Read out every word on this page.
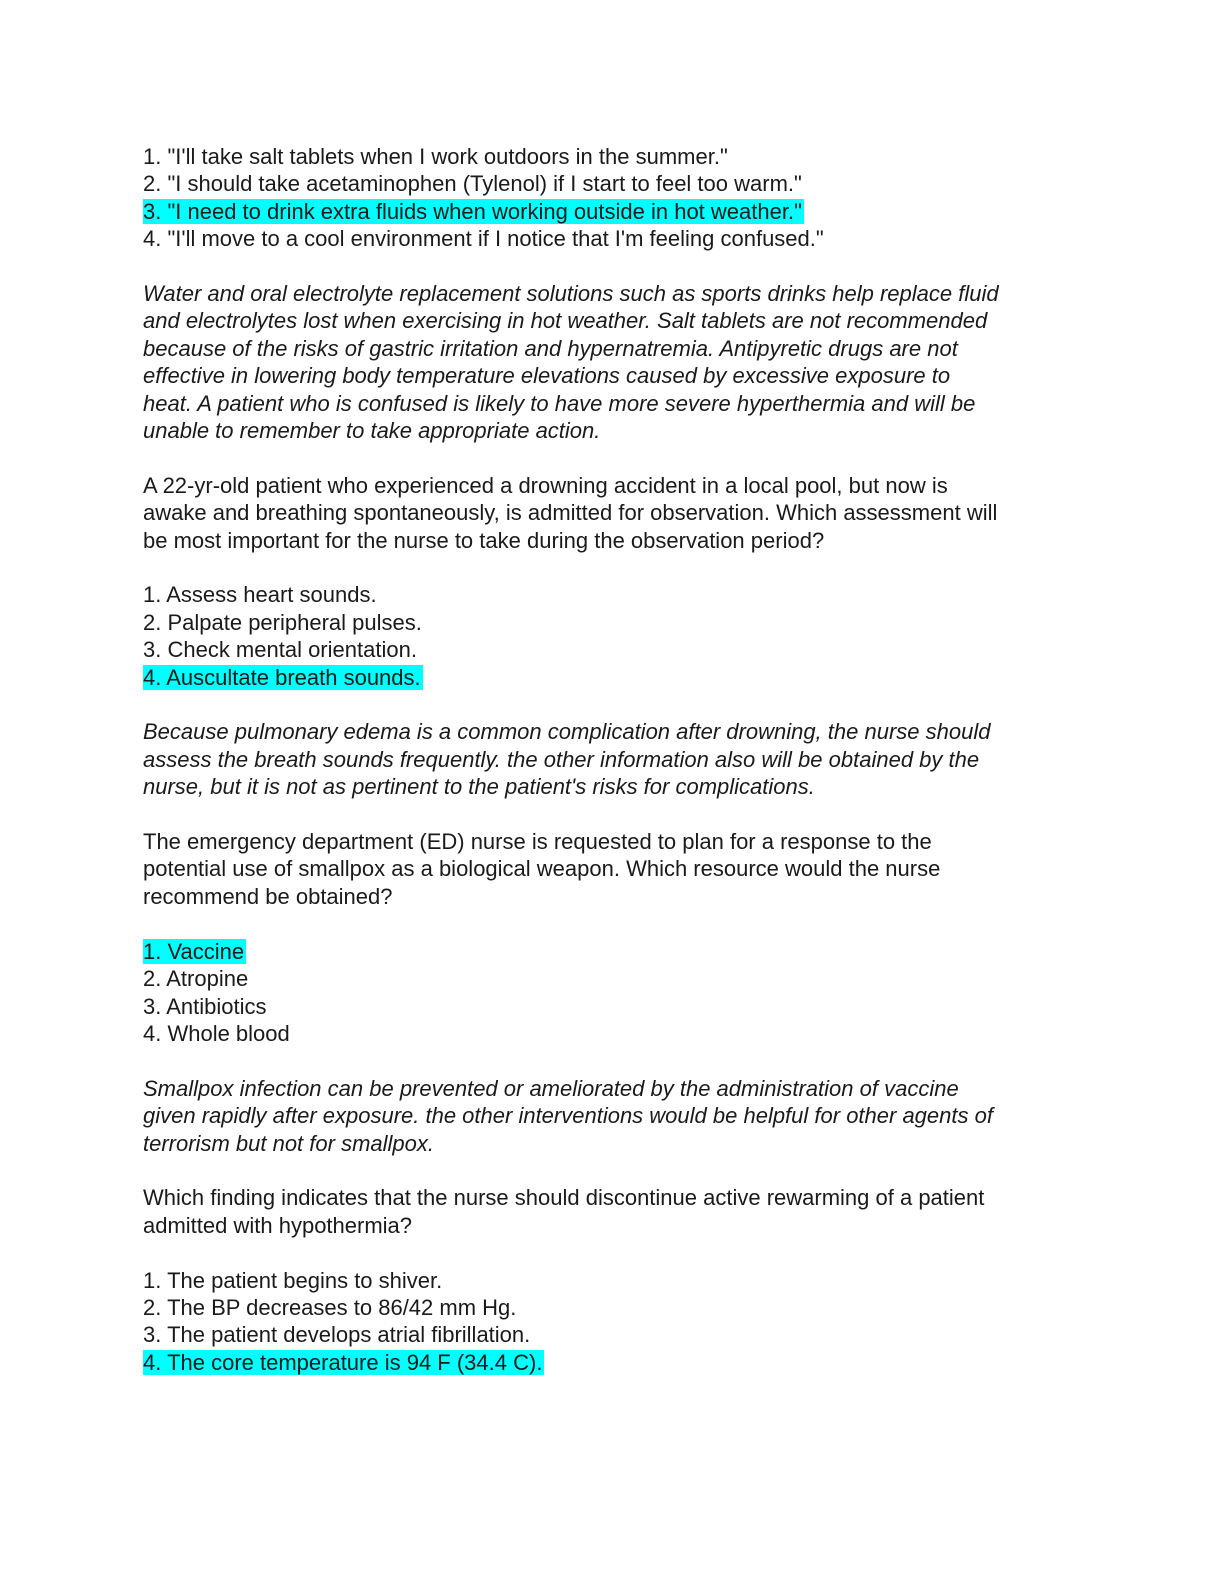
1. "I'll take salt tablets when I work outdoors in the summer."
2. "I should take acetaminophen (Tylenol) if I start to feel too warm."
3. "I need to drink extra fluids when working outside in hot weather."
4. "I'll move to a cool environment if I notice that I'm feeling confused."
Water and oral electrolyte replacement solutions such as sports drinks help replace fluid
and electrolytes lost when exercising in hot weather. Salt tablets are not recommended
because of the risks of gastric irritation and hypernatremia. Antipyretic drugs are not
effective in lowering body temperature elevations caused by excessive exposure to
heat. A patient who is confused is likely to have more severe hyperthermia and will be
unable to remember to take appropriate action.
A 22-yr-old patient who experienced a drowning accident in a local pool, but now is
awake and breathing spontaneously, is admitted for observation. Which assessment will
be most important for the nurse to take during the observation period?
1. Assess heart sounds.
2. Palpate peripheral pulses.
3. Check mental orientation.
4. Auscultate breath sounds.
Because pulmonary edema is a common complication after drowning, the nurse should
assess the breath sounds frequently. the other information also will be obtained by the
nurse, but it is not as pertinent to the patient's risks for complications.
The emergency department (ED) nurse is requested to plan for a response to the
potential use of smallpox as a biological weapon. Which resource would the nurse
recommend be obtained?
1. Vaccine
2. Atropine
3. Antibiotics
4. Whole blood
Smallpox infection can be prevented or ameliorated by the administration of vaccine
given rapidly after exposure. the other interventions would be helpful for other agents of
terrorism but not for smallpox.
Which finding indicates that the nurse should discontinue active rewarming of a patient
admitted with hypothermia?
1. The patient begins to shiver.
2. The BP decreases to 86/42 mm Hg.
3. The patient develops atrial fibrillation.
4. The core temperature is 94 F (34.4 C).
